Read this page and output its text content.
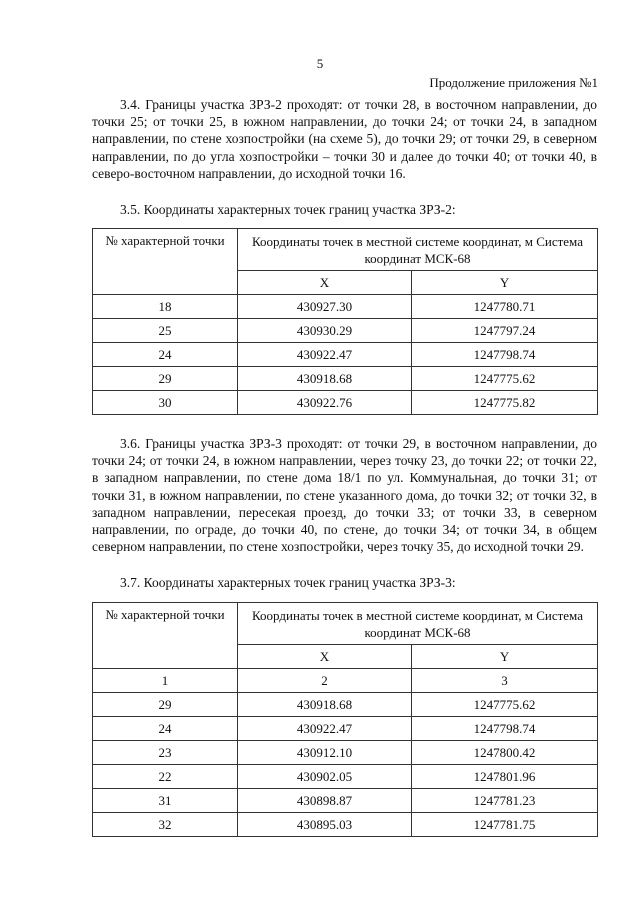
5
Продолжение приложения №1

3.4. Границы участка ЗРЗ-2 проходят: от точки 28, в восточном направлении, до точки 25; от точки 25, в южном направлении, до точки 24; от точки 24, в западном направлении, по стене хозпостройки (на схеме 5), до точки 29; от точки 29, в северном направлении, по до угла хозпостройки – точки 30 и далее до точки 40; от точки 40, в северо-восточном направлении, до исходной точки 16.

3.5. Координаты характерных точек границ участка ЗРЗ-2:

№ характерной точки	Координаты точек в местной системе координат, м Система координат МСК-68	
	X	Y
18	430927.30	1247780.71
25	430930.29	1247797.24
24	430922.47	1247798.74
29	430918.68	1247775.62
30	430922.76	1247775.82

3.6. Границы участка ЗРЗ-3 проходят: от точки 29, в восточном направлении, до точки 24; от точки 24, в южном направлении, через точку 23, до точки 22; от точки 22, в западном направлении, по стене дома 18/1 по ул. Коммунальная, до точки 31; от точки 31, в южном направлении, по стене указанного дома, до точки 32; от точки 32, в западном направлении, пересекая проезд, до точки 33; от точки 33, в северном направлении, по ограде, до точки 40, по стене, до точки 34; от точки 34, в общем северном направлении, по стене хозпостройки, через точку 35, до исходной точки 29.

3.7. Координаты характерных точек границ участка ЗРЗ-3:

№ характерной точки	Координаты точек в местной системе координат, м Система координат МСК-68	
	X	Y
1	2	3
29	430918.68	1247775.62
24	430922.47	1247798.74
23	430912.10	1247800.42
22	430902.05	1247801.96
31	430898.87	1247781.23
32	430895.03	1247781.75
